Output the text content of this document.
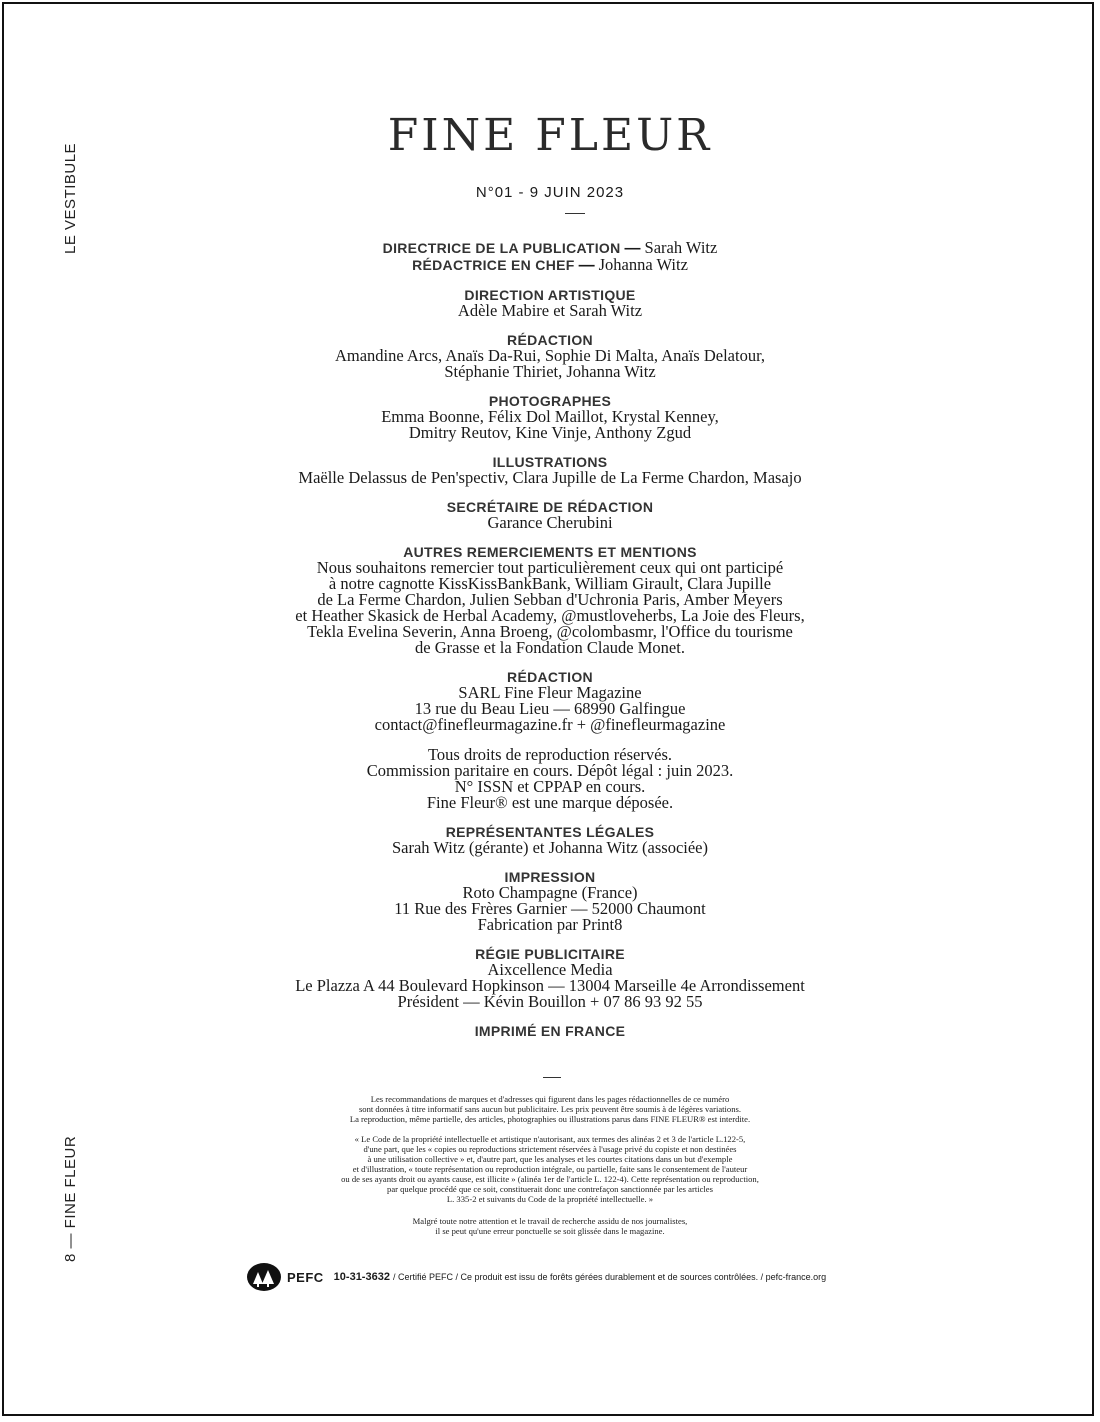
LE VESTIBULE
8 — FINE FLEUR
FINE FLEUR
N°01 - 9 JUIN 2023
DIRECTRICE DE LA PUBLICATION — Sarah Witz
RÉDACTRICE EN CHEF — Johanna Witz
DIRECTION ARTISTIQUE
Adèle Mabire et Sarah Witz
RÉDACTION
Amandine Arcs, Anaïs Da-Rui, Sophie Di Malta, Anaïs Delatour,
Stéphanie Thiriet, Johanna Witz
PHOTOGRAPHES
Emma Boonne, Félix Dol Maillot, Krystal Kenney,
Dmitry Reutov, Kine Vinje, Anthony Zgud
ILLUSTRATIONS
Maëlle Delassus de Pen'spectiv, Clara Jupille de La Ferme Chardon, Masajo
SECRÉTAIRE DE RÉDACTION
Garance Cherubini
AUTRES REMERCIEMENTS ET MENTIONS
Nous souhaitons remercier tout particulièrement ceux qui ont participé
à notre cagnotte KissKissBankBank, William Girault, Clara Jupille
de La Ferme Chardon, Julien Sebban d'Uchronia Paris, Amber Meyers
et Heather Skasick de Herbal Academy, @mustloveherbs, La Joie des Fleurs,
Tekla Evelina Severin, Anna Broeng, @colombasmr, l'Office du tourisme
de Grasse et la Fondation Claude Monet.
RÉDACTION
SARL Fine Fleur Magazine
13 rue du Beau Lieu — 68990 Galfingue
contact@finefleurmagazine.fr + @finefleurmagazine
Tous droits de reproduction réservés.
Commission paritaire en cours. Dépôt légal : juin 2023.
N° ISSN et CPPAP en cours.
Fine Fleur® est une marque déposée.
REPRÉSENTANTES LÉGALES
Sarah Witz (gérante) et Johanna Witz (associée)
IMPRESSION
Roto Champagne (France)
11 Rue des Frères Garnier — 52000 Chaumont
Fabrication par Print8
RÉGIE PUBLICITAIRE
Aixcellence Media
Le Plazza A 44 Boulevard Hopkinson — 13004 Marseille 4e Arrondissement
Président — Kévin Bouillon + 07 86 93 92 55
IMPRIMÉ EN FRANCE

Les recommandations de marques et d'adresses qui figurent dans les pages rédactionnelles de ce numéro

sont données à titre informatif sans aucun but publicitaire. Les prix peuvent être soumis à de légères variations.

La reproduction, même partielle, des articles, photographies ou illustrations parus dans FINE FLEUR® est interdite.

« Le Code de la propriété intellectuelle et artistique n'autorisant, aux termes des alinéas 2 et 3 de l'article L.122-5,

d'une part, que les « copies ou reproductions strictement réservées à l'usage privé du copiste et non destinées

à une utilisation collective » et, d'autre part, que les analyses et les courtes citations dans un but d'exemple

et d'illustration, « toute représentation ou reproduction intégrale, ou partielle, faite sans le consentement de l'auteur

ou de ses ayants droit ou ayants cause, est illicite » (alinéa 1er de l'article L. 122-4). Cette représentation ou reproduction,

par quelque procédé que ce soit, constituerait donc une contrefaçon sanctionnée par les articles

L. 335-2 et suivants du Code de la propriété intellectuelle. »

Malgré toute notre attention et le travail de recherche assidu de nos journalistes,

il se peut qu'une erreur ponctuelle se soit glissée dans le magazine.

PEFC 10-31-3632 / Certifié PEFC / Ce produit est issu de forêts gérées durablement et de sources contrôlées. / pefc-france.org
